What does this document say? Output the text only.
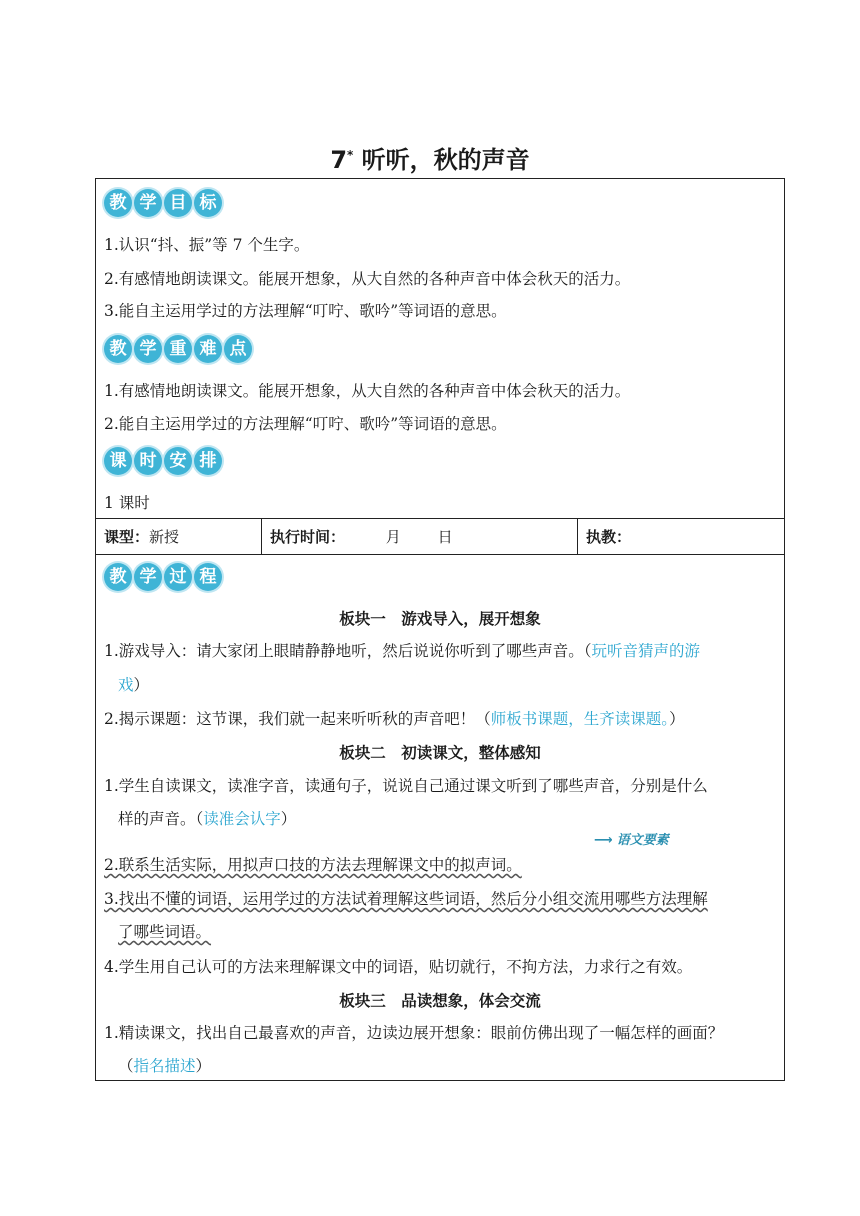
7* 听听，秋的声音
教 学 目 标
1.认识“抖、振”等 7 个生字。
2.有感情地朗读课文。能展开想象，从大自然的各种声音中体会秋天的活力。
3.能自主运用学过的方法理解“叮咛、歌吟”等词语的意思。
教 学 重 难 点
1.有感情地朗读课文。能展开想象，从大自然的各种声音中体会秋天的活力。
2.能自主运用学过的方法理解“叮咛、歌吟”等词语的意思。
课 时 安 排
1 课时
课型：新授	执行时间：	月 日	执教：
教 学 过 程
板块一　游戏导入，展开想象
1.游戏导入：请大家闭上眼睛静静地听，然后说说你听到了哪些声音。（玩听音猜声的游
戏）
2.揭示课题：这节课，我们就一起来听听秋的声音吧！（师板书课题，生齐读课题。）
板块二　初读课文，整体感知
1.学生自读课文，读准字音，读通句子，说说自己通过课文听到了哪些声音，分别是什么
样的声音。（读准会认字）
2.联系生活实际，用拟声口技的方法去理解课文中的拟声词。
⟶ 语文要素
3.找出不懂的词语，运用学过的方法试着理解这些词语，然后分小组交流用哪些方法理解
了哪些词语。
4.学生用自己认可的方法来理解课文中的词语，贴切就行，不拘方法，力求行之有效。
板块三　品读想象，体会交流
1.精读课文，找出自己最喜欢的声音，边读边展开想象：眼前仿佛出现了一幅怎样的画面？
（指名描述）
